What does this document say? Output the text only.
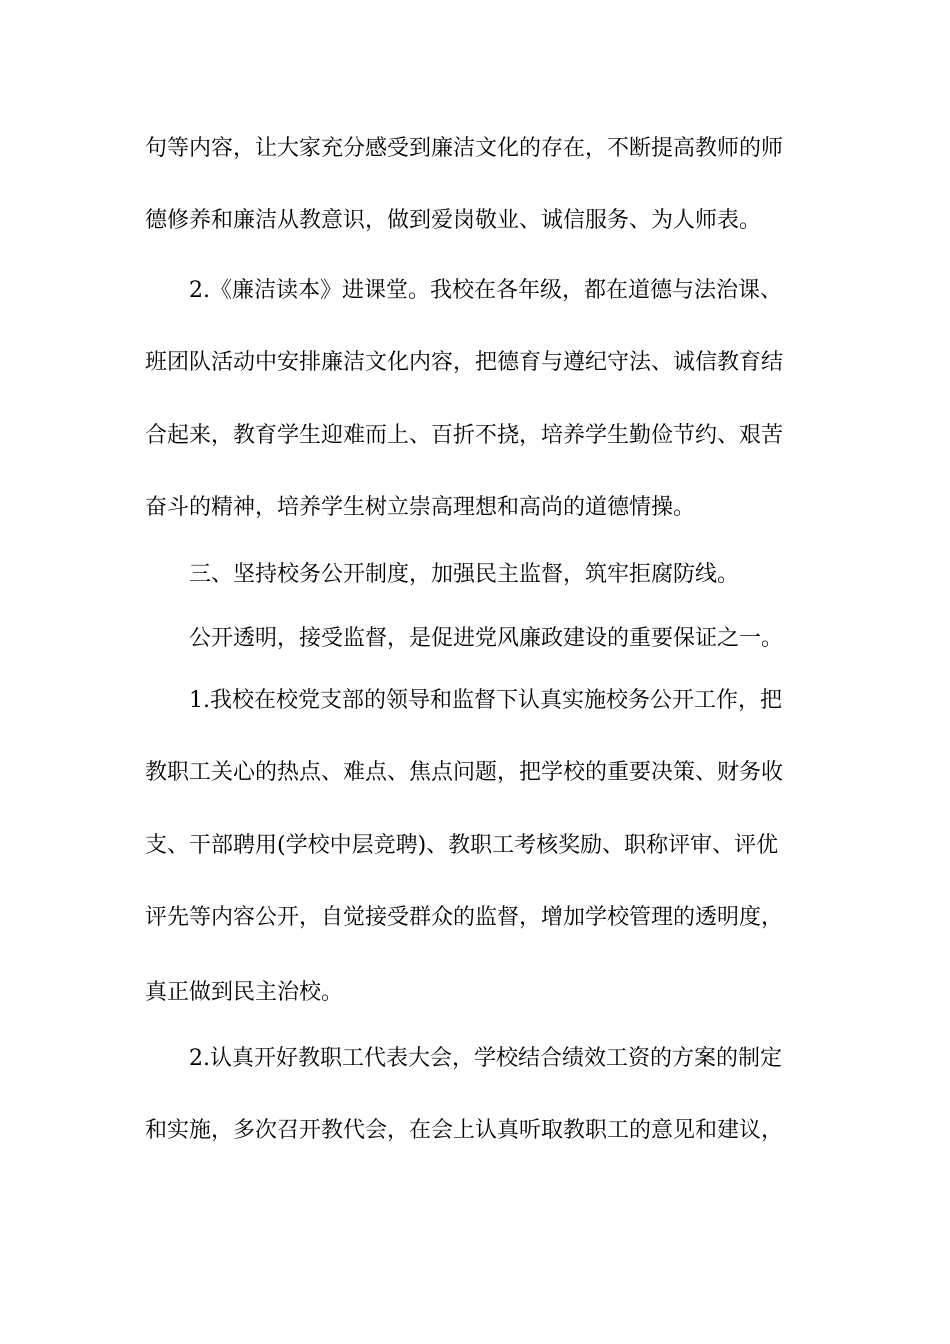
句等内容，让大家充分感受到廉洁文化的存在，不断提高教师的师
德修养和廉洁从教意识，做到爱岗敬业、诚信服务、为人师表。
2.《廉洁读本》进课堂。我校在各年级，都在道德与法治课、
班团队活动中安排廉洁文化内容，把德育与遵纪守法、诚信教育结
合起来，教育学生迎难而上、百折不挠，培养学生勤俭节约、艰苦
奋斗的精神，培养学生树立崇高理想和高尚的道德情操。
三、坚持校务公开制度，加强民主监督，筑牢拒腐防线。
公开透明，接受监督，是促进党风廉政建设的重要保证之一。
1.我校在校党支部的领导和监督下认真实施校务公开工作，把
教职工关心的热点、难点、焦点问题，把学校的重要决策、财务收
支、干部聘用(学校中层竞聘)、教职工考核奖励、职称评审、评优
评先等内容公开，自觉接受群众的监督，增加学校管理的透明度，
真正做到民主治校。
2.认真开好教职工代表大会，学校结合绩效工资的方案的制定
和实施，多次召开教代会，在会上认真听取教职工的意见和建议，
